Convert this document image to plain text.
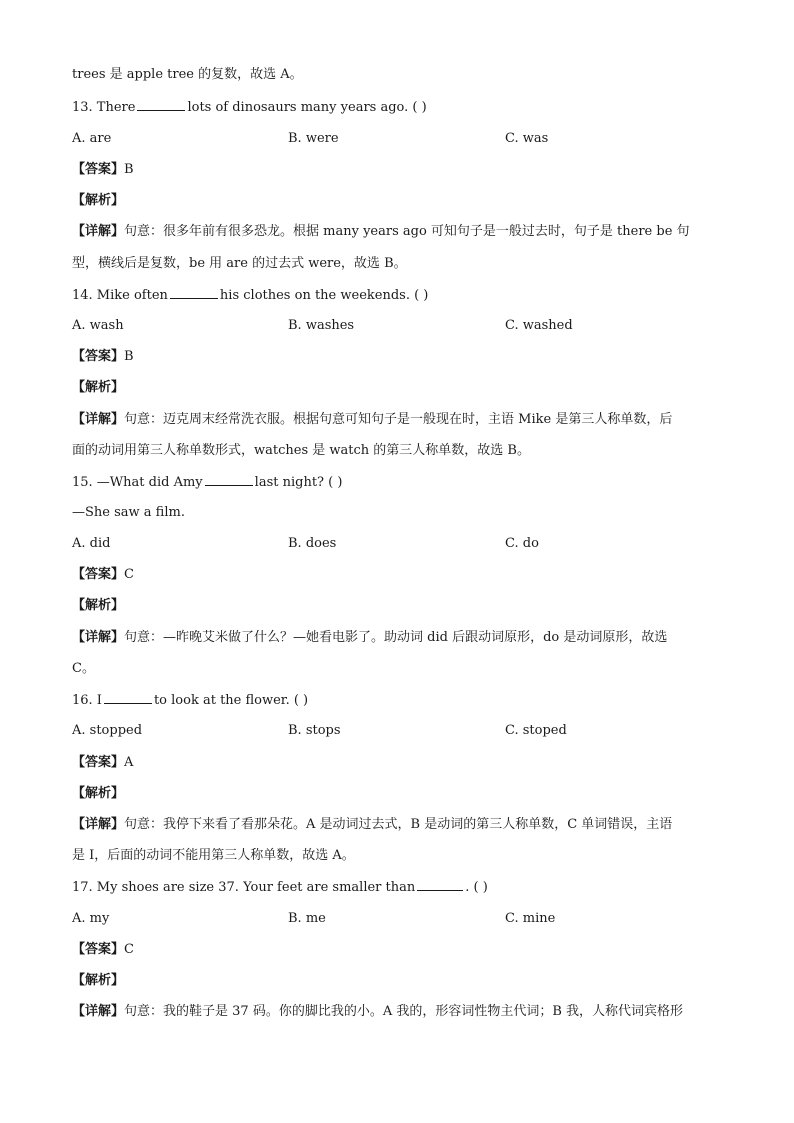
trees 是 apple tree 的复数，故选 A。
13. There	lots of dinosaurs many years ago. ( )
A. are	B. were	C. was
【答案】B
【解析】
【详解】句意：很多年前有很多恐龙。根据 many years ago 可知句子是一般过去时，句子是 there be 句
型，横线后是复数，be 用 are 的过去式 were，故选 B。
14. Mike often	his clothes on the weekends. ( )
A. wash	B. washes	C. washed
【答案】B
【解析】
【详解】句意：迈克周末经常洗衣服。根据句意可知句子是一般现在时，主语 Mike 是第三人称单数，后
面的动词用第三人称单数形式，watches 是 watch 的第三人称单数，故选 B。
15. —What did Amy	last night? ( )
—She saw a film.
A. did	B. does	C. do
【答案】C
【解析】
【详解】句意：—昨晚艾米做了什么？—她看电影了。助动词 did 后跟动词原形，do 是动词原形，故选
C。
16. I	to look at the flower. ( )
A. stopped	B. stops	C. stoped
【答案】A
【解析】
【详解】句意：我停下来看了看那朵花。A 是动词过去式，B 是动词的第三人称单数，C 单词错误，主语
是 I，后面的动词不能用第三人称单数，故选 A。
17. My shoes are size 37. Your feet are smaller than	. ( )
A. my	B. me	C. mine
【答案】C
【解析】
【详解】句意：我的鞋子是 37 码。你的脚比我的小。A 我的，形容词性物主代词；B 我，人称代词宾格形
